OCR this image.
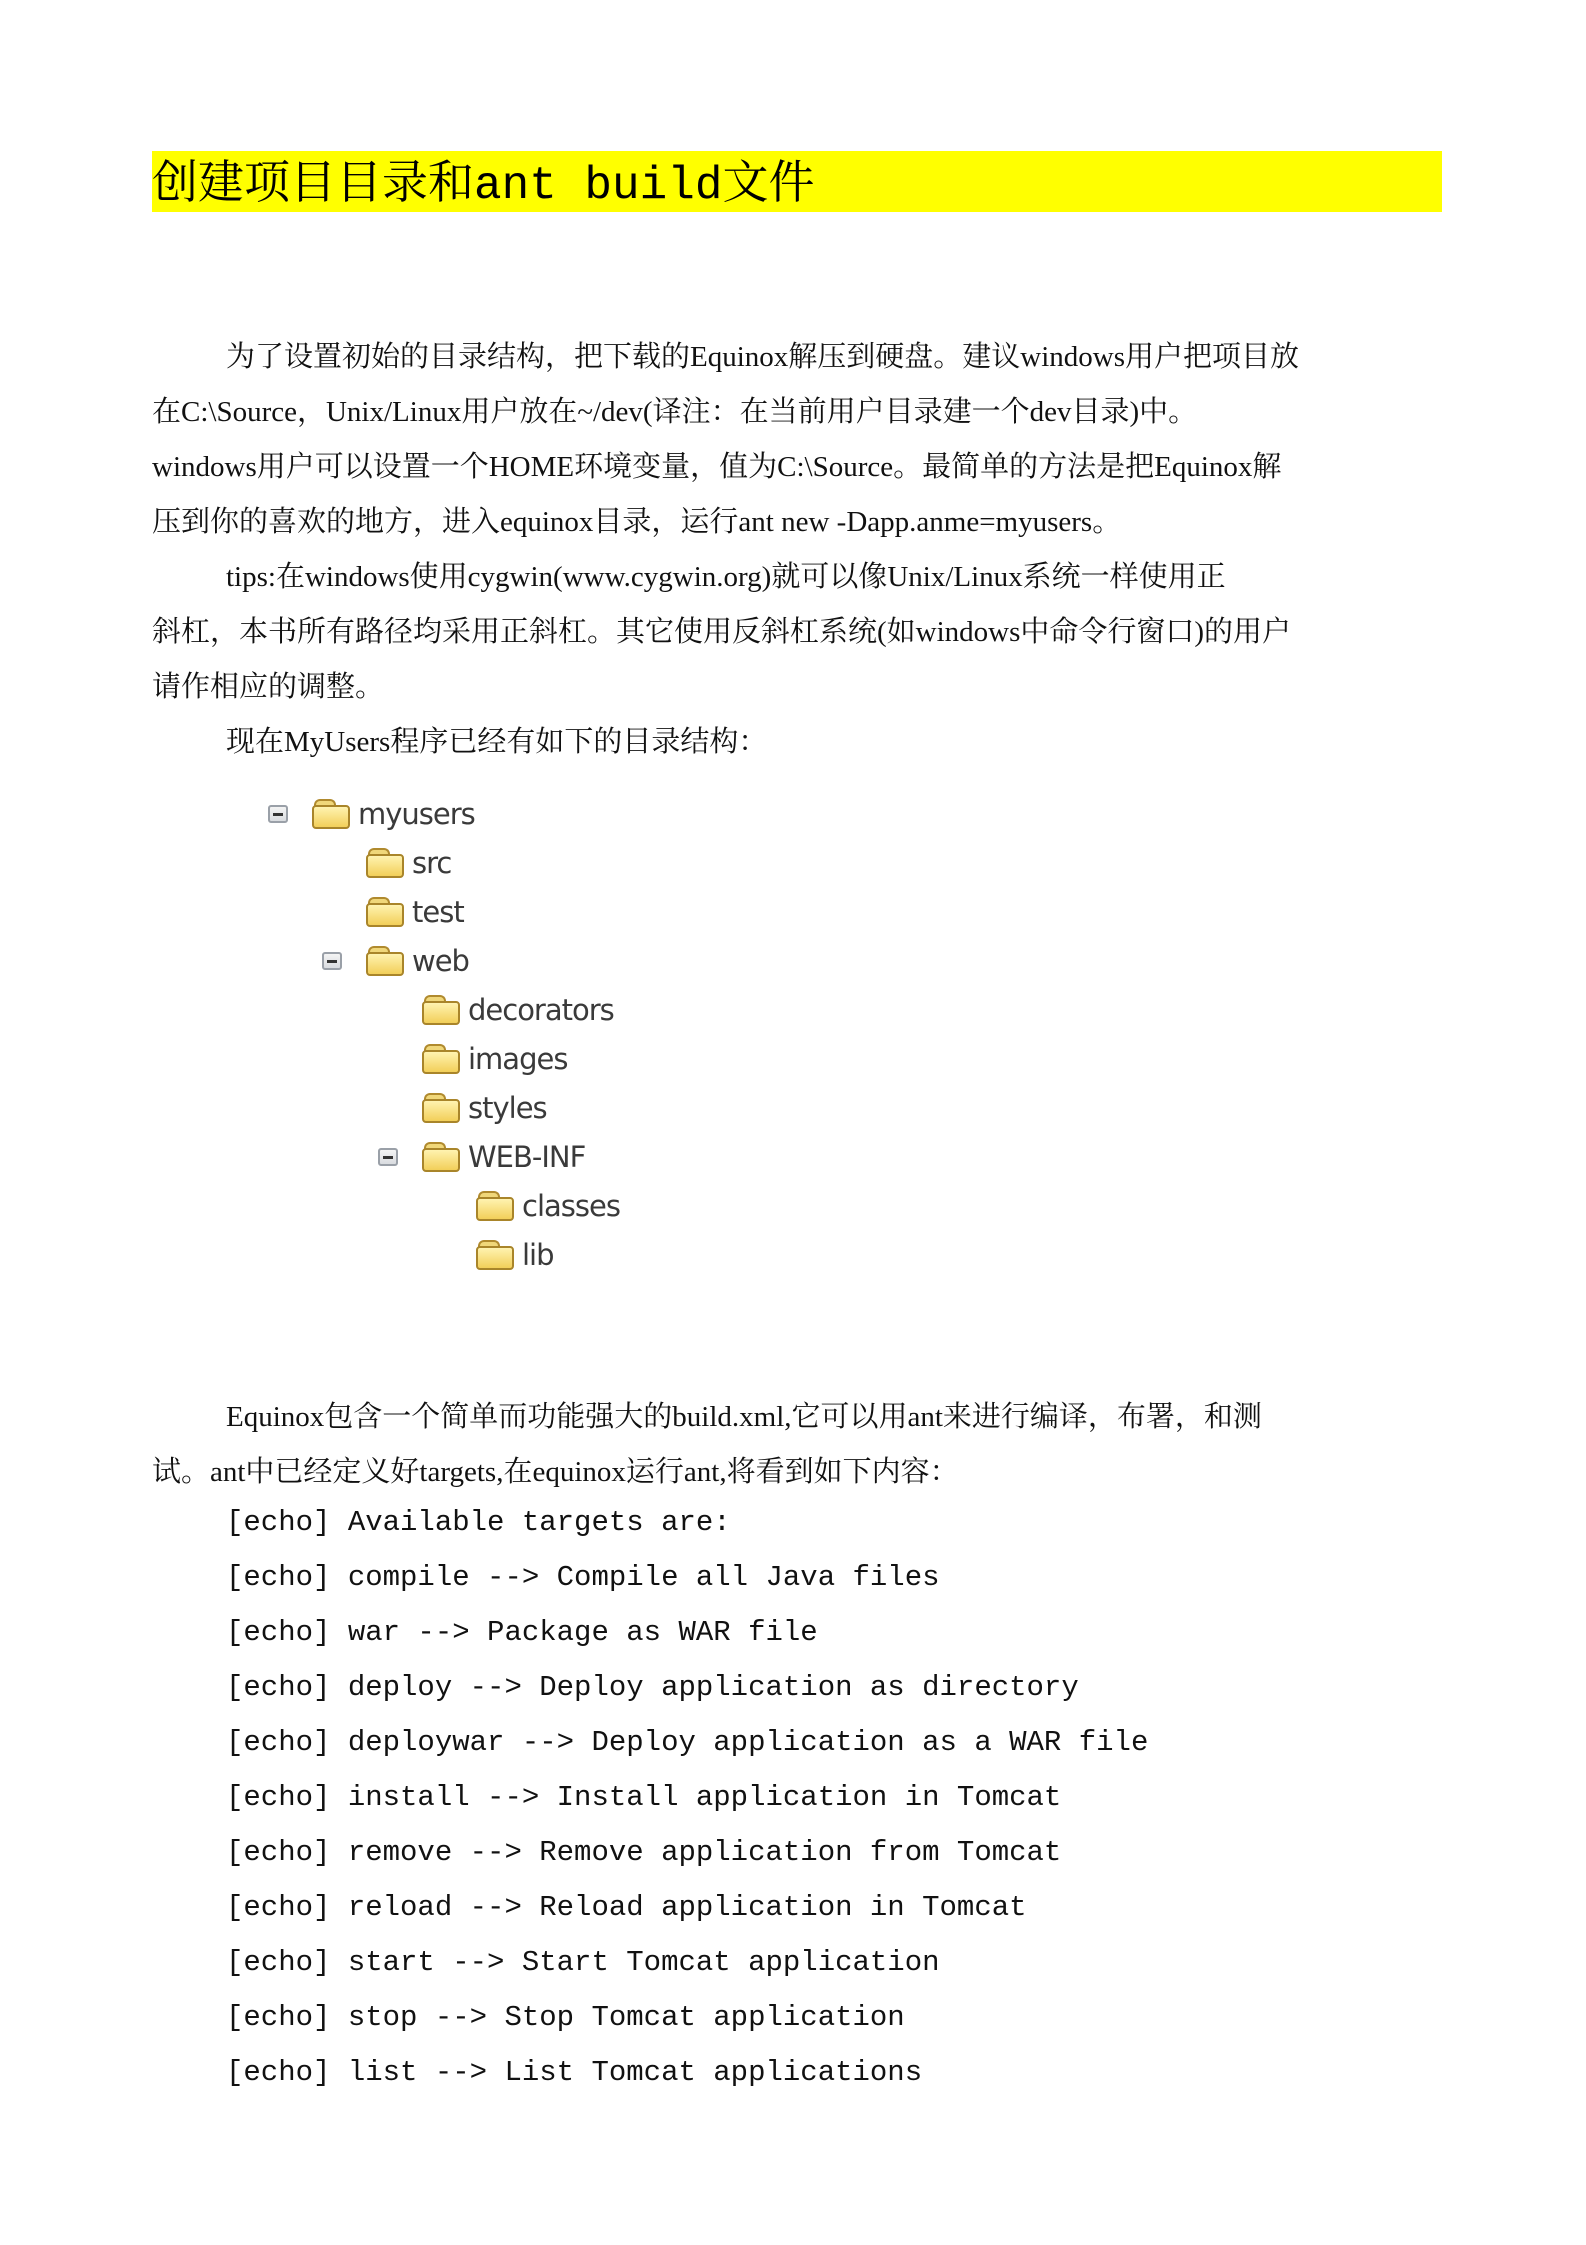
创建项目目录和ant build文件
为了设置初始的目录结构，把下载的Equinox解压到硬盘。建议windows用户把项目放
在C:\Source，Unix/Linux用户放在~/dev(译注：在当前用户目录建一个dev目录)中。
windows用户可以设置一个HOME环境变量，值为C:\Source。最简单的方法是把Equinox解
压到你的喜欢的地方，进入equinox目录，运行ant new -Dapp.anme=myusers。
tips:在windows使用cygwin(www.cygwin.org)就可以像Unix/Linux系统一样使用正
斜杠，本书所有路径均采用正斜杠。其它使用反斜杠系统(如windows中命令行窗口)的用户
请作相应的调整。
现在MyUsers程序已经有如下的目录结构：
myusers
src
test
web
decorators
images
styles
WEB-INF
classes
lib
Equinox包含一个简单而功能强大的build.xml,它可以用ant来进行编译，布署，和测
试。ant中已经定义好targets,在equinox运行ant,将看到如下内容：
[echo] Available targets are:
[echo] compile --> Compile all Java files
[echo] war --> Package as WAR file
[echo] deploy --> Deploy application as directory
[echo] deploywar --> Deploy application as a WAR file
[echo] install --> Install application in Tomcat
[echo] remove --> Remove application from Tomcat
[echo] reload --> Reload application in Tomcat
[echo] start --> Start Tomcat application
[echo] stop --> Stop Tomcat application
[echo] list --> List Tomcat applications
